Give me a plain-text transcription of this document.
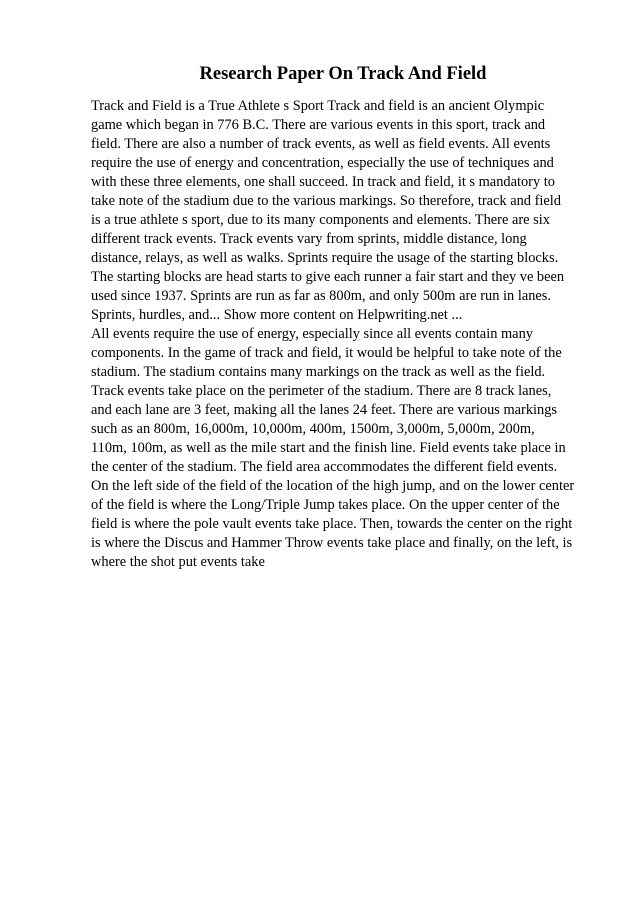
Research Paper On Track And Field
Track and Field is a True Athlete s Sport Track and field is an ancient Olympic
game which began in 776 B.C. There are various events in this sport, track and
field. There are also a number of track events, as well as field events. All events
require the use of energy and concentration, especially the use of techniques and
with these three elements, one shall succeed. In track and field, it s mandatory to
take note of the stadium due to the various markings. So therefore, track and field
is a true athlete s sport, due to its many components and elements. There are six
different track events. Track events vary from sprints, middle distance, long
distance, relays, as well as walks. Sprints require the usage of the starting blocks.
The starting blocks are head starts to give each runner a fair start and they ve been
used since 1937. Sprints are run as far as 800m, and only 500m are run in lanes.
Sprints, hurdles, and... Show more content on Helpwriting.net ...
All events require the use of energy, especially since all events contain many
components. In the game of track and field, it would be helpful to take note of the
stadium. The stadium contains many markings on the track as well as the field.
Track events take place on the perimeter of the stadium. There are 8 track lanes,
and each lane are 3 feet, making all the lanes 24 feet. There are various markings
such as an 800m, 16,000m, 10,000m, 400m, 1500m, 3,000m, 5,000m, 200m,
110m, 100m, as well as the mile start and the finish line. Field events take place in
the center of the stadium. The field area accommodates the different field events.
On the left side of the field of the location of the high jump, and on the lower center
of the field is where the Long/Triple Jump takes place. On the upper center of the
field is where the pole vault events take place. Then, towards the center on the right
is where the Discus and Hammer Throw events take place and finally, on the left, is
where the shot put events take
